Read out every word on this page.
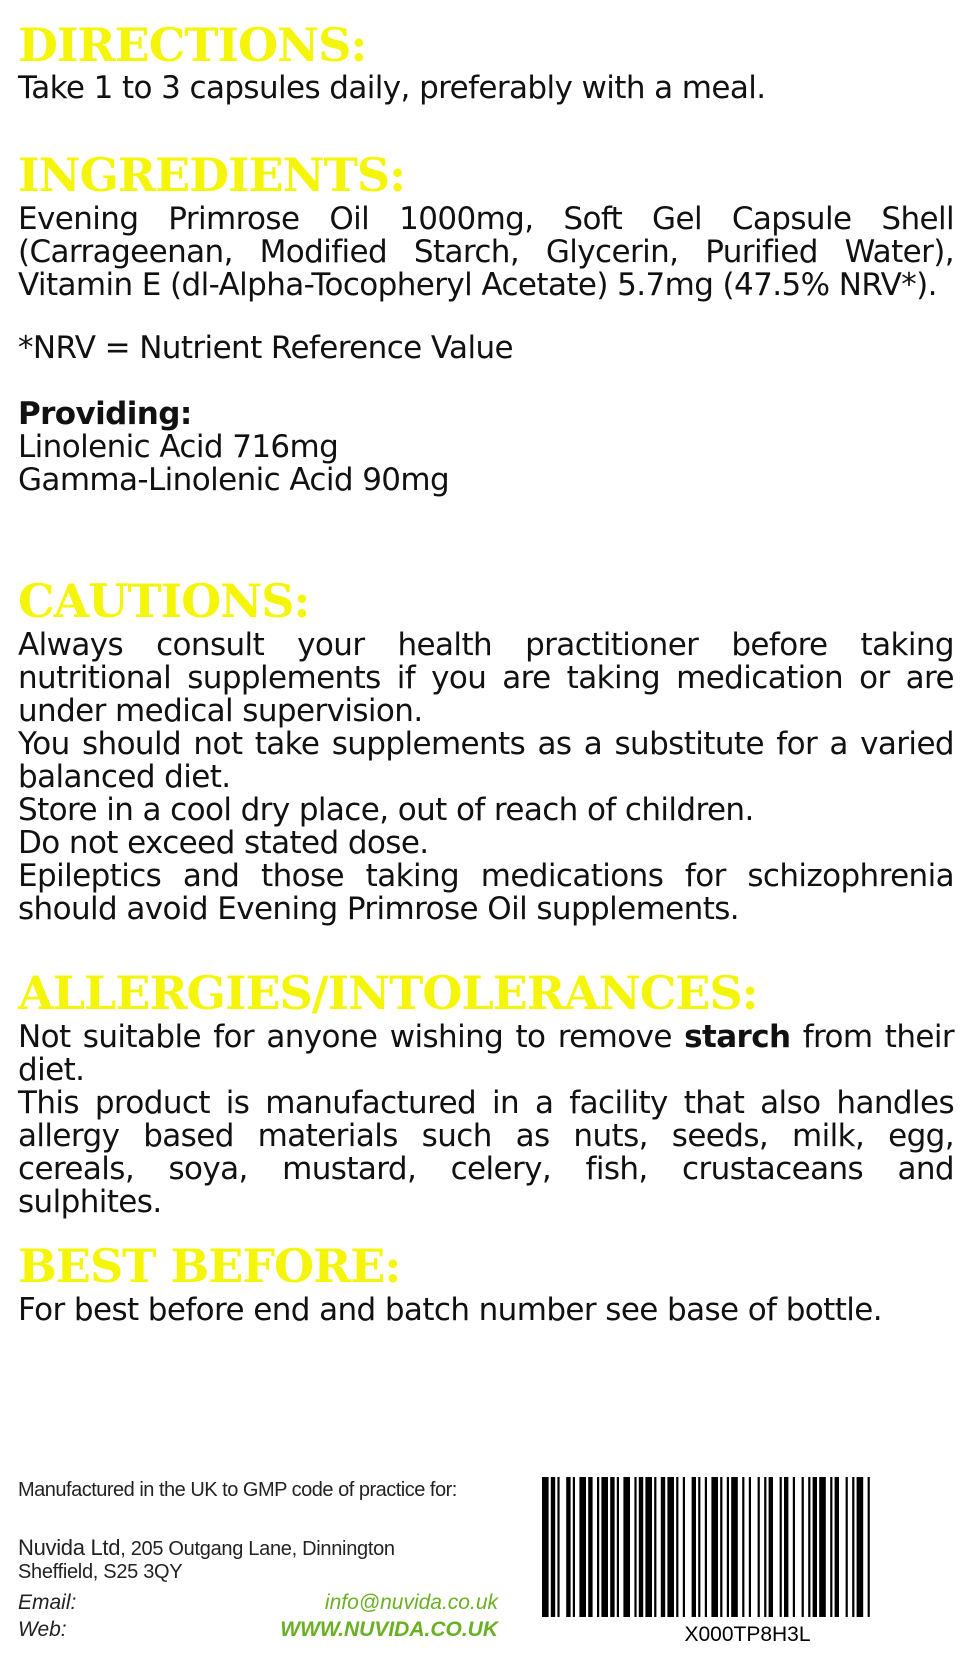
DIRECTIONS:
Take 1 to 3 capsules daily, preferably with a meal.
INGREDIENTS:
Evening Primrose Oil 1000mg, Soft Gel Capsule Shell (Carrageenan, Modified Starch, Glycerin, Purified Water), Vitamin E (dl-Alpha-Tocopheryl Acetate) 5.7mg (47.5% NRV*).
*NRV = Nutrient Reference Value
Providing:
Linolenic Acid 716mg
Gamma-Linolenic Acid 90mg
CAUTIONS:

Always consult your health practitioner before taking nutritional supplements if you are taking medication or are under medical supervision.

You should not take supplements as a substitute for a varied balanced diet.

Store in a cool dry place, out of reach of children.

Do not exceed stated dose.

Epileptics and those taking medications for schizophrenia should avoid Evening Primrose Oil supplements.

ALLERGIES/INTOLERANCES:

Not suitable for anyone wishing to remove starch from their diet.

This product is manufactured in a facility that also handles allergy based materials such as nuts, seeds, milk, egg, cereals, soya, mustard, celery, fish, crustaceans and sulphites.

BEST BEFORE:
For best before end and batch number see base of bottle.
Manufactured in the UK to GMP code of practice for:
Nuvida Ltd, 205 Outgang Lane, Dinnington
Sheffield, S25 3QY
Email:	info@nuvida.co.uk
Web:	WWW.NUVIDA.CO.UK	X000TP8H3L
